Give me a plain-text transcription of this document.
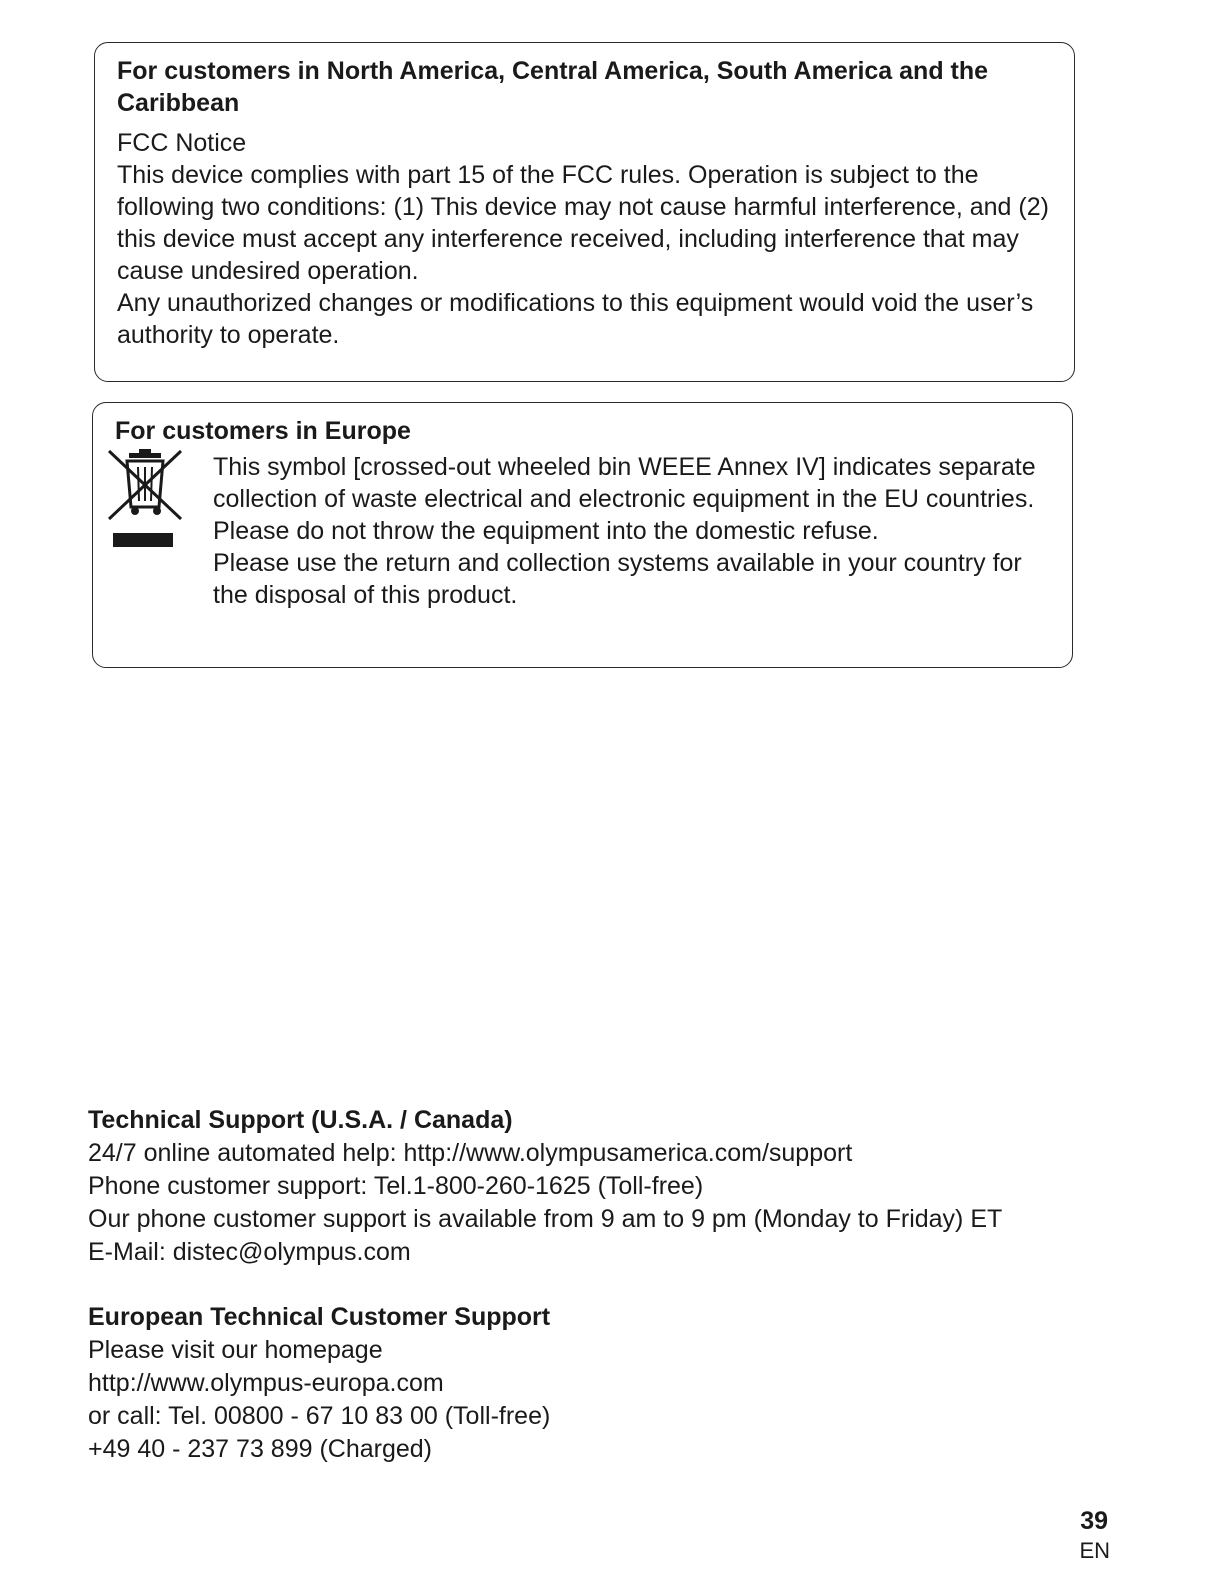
For customers in North America, Central America, South America and the Caribbean

FCC Notice

This device complies with part 15 of the FCC rules. Operation is subject to the following two conditions: (1) This device may not cause harmful interference, and (2) this device must accept any interference received, including interference that may cause undesired operation.

Any unauthorized changes or modifications to this equipment would void the user’s authority to operate.

For customers in Europe

This symbol [crossed-out wheeled bin WEEE Annex IV] indicates separate collection of waste electrical and electronic equipment in the EU countries.

Please do not throw the equipment into the domestic refuse.

Please use the return and collection systems available in your country for the disposal of this product.

Technical Support (U.S.A. / Canada)

24/7 online automated help: http://www.olympusamerica.com/support

Phone customer support: Tel.1-800-260-1625 (Toll-free)

Our phone customer support is available from 9 am to 9 pm (Monday to Friday) ET

E-Mail: distec@olympus.com

European Technical Customer Support

Please visit our homepage

http://www.olympus-europa.com

or call: Tel. 00800 - 67 10 83 00 (Toll-free)

+49 40 - 237 73 899 (Charged)

39
EN
